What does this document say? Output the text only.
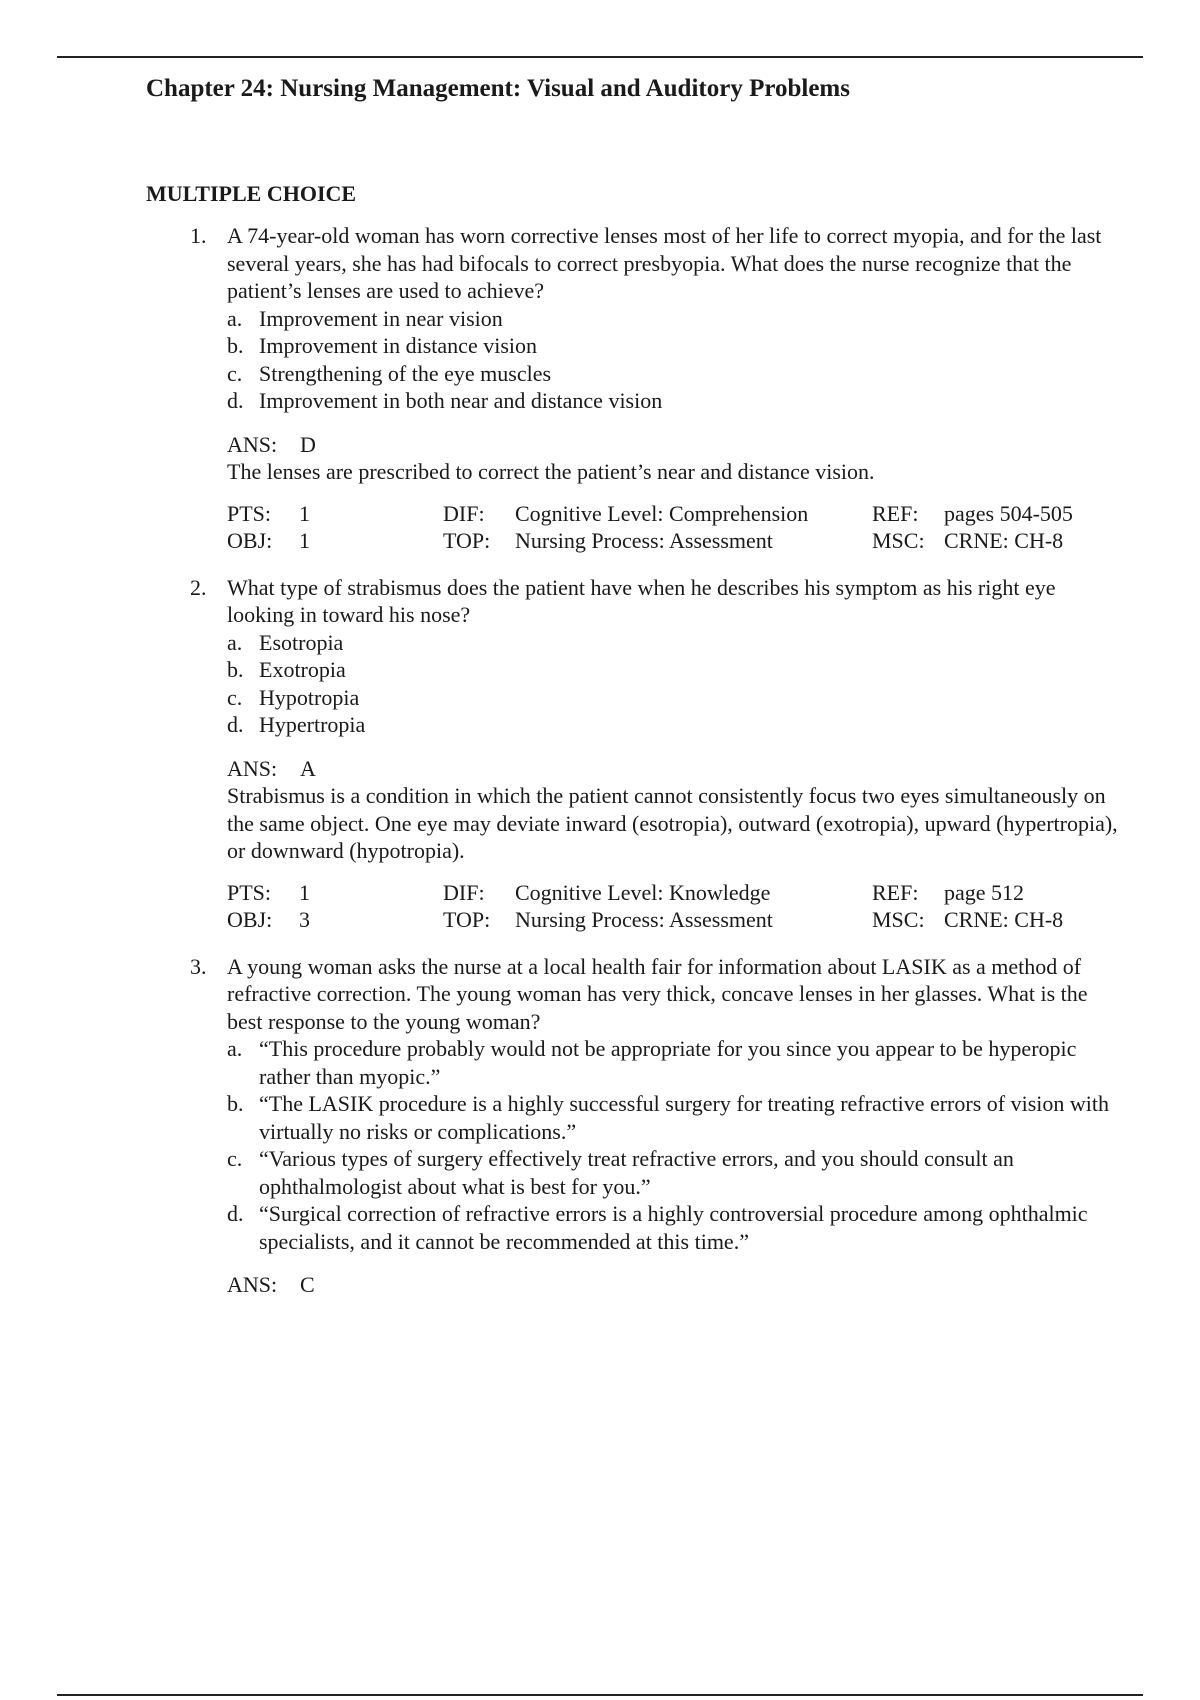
Chapter 24: Nursing Management: Visual and Auditory Problems
MULTIPLE CHOICE
1. A 74-year-old woman has worn corrective lenses most of her life to correct myopia, and for the last several years, she has had bifocals to correct presbyopia. What does the nurse recognize that the patient’s lenses are used to achieve?

a. Improvement in near vision
b. Improvement in distance vision
c. Strengthening of the eye muscles
d. Improvement in both near and distance vision
ANS: D

The lenses are prescribed to correct the patient’s near and distance vision.

PTS:	1	DIF:	Cognitive Level: Comprehension	REF:	pages 504-505
OBJ:	1	TOP:	Nursing Process: Assessment	MSC: CRNE: CH-8
2. What type of strabismus does the patient have when he describes his symptom as his right eye looking in toward his nose?

a. Esotropia
b. Exotropia
c. Hypotropia
d. Hypertropia
ANS: A

Strabismus is a condition in which the patient cannot consistently focus two eyes simultaneously on the same object. One eye may deviate inward (esotropia), outward (exotropia), upward (hypertropia), or downward (hypotropia).

PTS:	1	DIF:	Cognitive Level: Knowledge	REF:	page 512
OBJ:	3	TOP:	Nursing Process: Assessment	MSC: CRNE: CH-8
3. A young woman asks the nurse at a local health fair for information about LASIK as a method of refractive correction. The young woman has very thick, concave lenses in her glasses. What is the best response to the young woman?

a. “This procedure probably would not be appropriate for you since you appear to be hyperopic rather than myopic.”
b. “The LASIK procedure is a highly successful surgery for treating refractive errors of vision with virtually no risks or complications.”
c. “Various types of surgery effectively treat refractive errors, and you should consult an ophthalmologist about what is best for you.”
d. “Surgical correction of refractive errors is a highly controversial procedure among ophthalmic specialists, and it cannot be recommended at this time.”
ANS: C
